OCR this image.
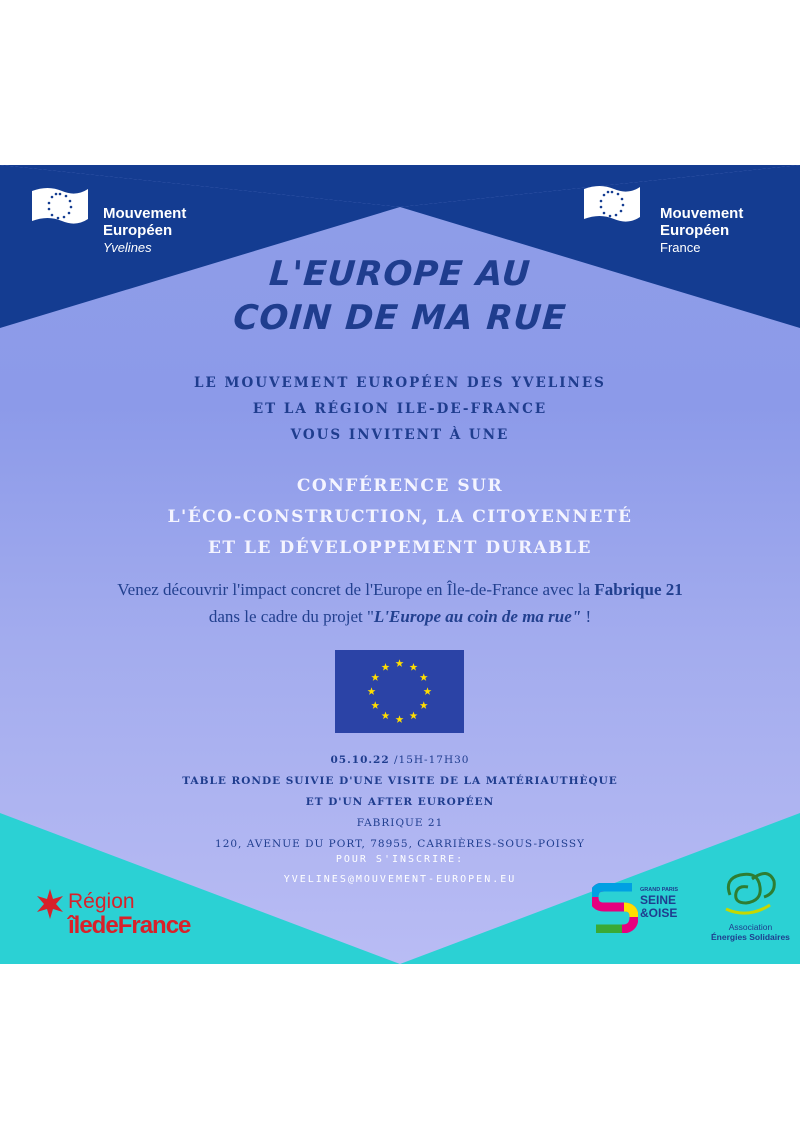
Mouvement
Européen
Yvelines
Mouvement
Européen
France
L'EUROPE AU
COIN DE MA RUE
LE MOUVEMENT EUROPÉEN DES YVELINES
ET LA RÉGION ILE-DE-FRANCE
VOUS INVITENT À UNE
CONFÉRENCE SUR
L'ÉCO-CONSTRUCTION, LA CITOYENNETÉ
ET LE DÉVELOPPEMENT DURABLE
Venez découvrir l'impact concret de l'Europe en Île-de-France avec la Fabrique 21
dans le cadre du projet "L'Europe au coin de ma rue" !
05.10.22 /15H-17H30
TABLE RONDE SUIVIE D'UNE VISITE DE LA MATÉRIAUTHÈQUE
ET D'UN AFTER EUROPÉEN
FABRIQUE 21
120, AVENUE DU PORT, 78955, CARRIÈRES-SOUS-POISSY
POUR S'INSCRIRE:
YVELINES@MOUVEMENT-EUROPEN.EU
Région
îledeFrance
GRAND PARIS
SEINE
&OISE
Association
Énergies Solidaires
